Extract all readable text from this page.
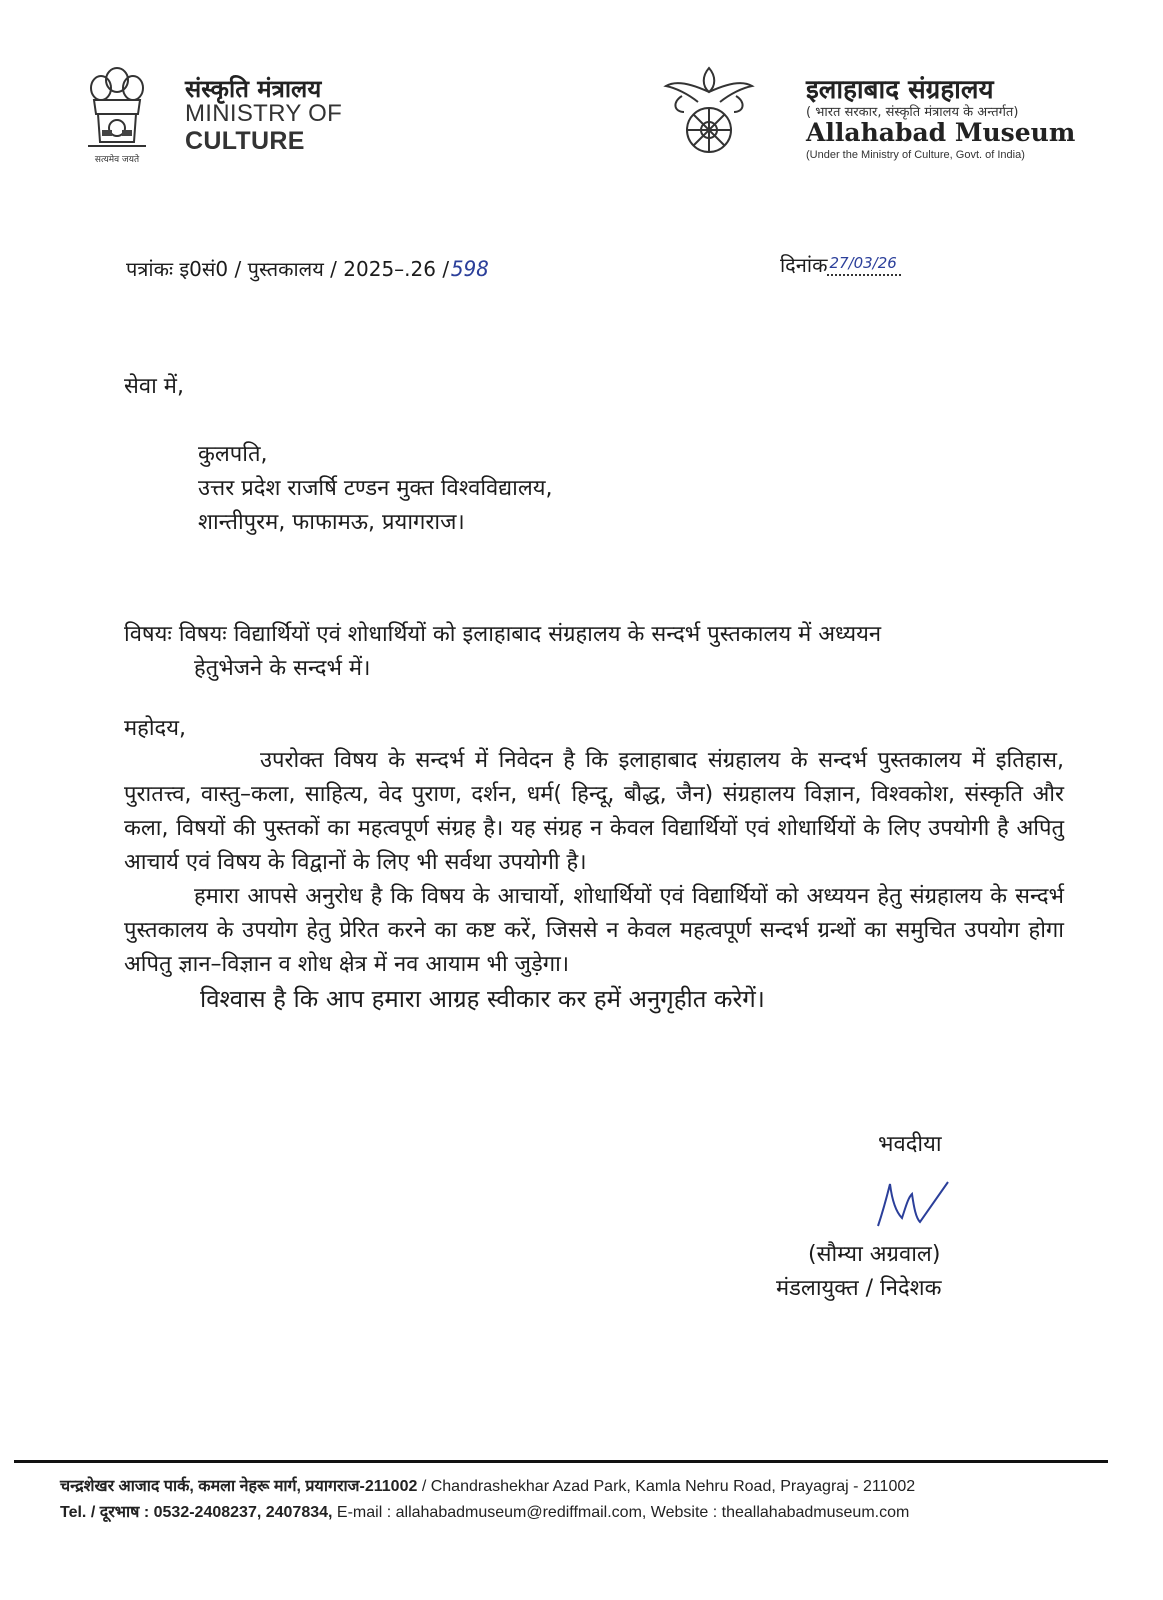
सत्यमेव जयते
संस्कृति मंत्रालय
MINISTRY OF
CULTURE
इलाहाबाद संग्रहालय
( भारत सरकार, संस्कृति मंत्रालय के अन्तर्गत)
Allahabad Museum
(Under the Ministry of Culture, Govt. of India)
पत्रांकः इ0सं0 / पुस्तकालय / 2025–.26 /598	दिनांक 27/03/26
सेवा में,
कुलपति,
उत्तर प्रदेश राजर्षि टण्डन मुक्त विश्वविद्यालय,
शान्तीपुरम, फाफामऊ, प्रयागराज।
विषयः विषयः विद्यार्थियों एवं शोधार्थियों को इलाहाबाद संग्रहालय के सन्दर्भ पुस्तकालय में अध्ययन
हेतुभेजने के सन्दर्भ में।
महोदय,

उपरोक्त विषय के सन्दर्भ में निवेदन है कि इलाहाबाद संग्रहालय के सन्दर्भ पुस्तकालय में इतिहास, पुरातत्त्व, वास्तु–कला, साहित्य, वेद पुराण, दर्शन, धर्म( हिन्दू, बौद्ध, जैन) संग्रहालय विज्ञान, विश्वकोश, संस्कृति और कला, विषयों की पुस्तकों का महत्वपूर्ण संग्रह है। यह संग्रह न केवल विद्यार्थियों एवं शोधार्थियों के लिए उपयोगी है अपितु आचार्य एवं विषय के विद्वानों के लिए भी सर्वथा उपयोगी है।

हमारा आपसे अनुरोध है कि विषय के आचार्यो, शोधार्थियों एवं विद्यार्थियों को अध्ययन हेतु संग्रहालय के सन्दर्भ पुस्तकालय के उपयोग हेतु प्रेरित करने का कष्ट करें, जिससे न केवल महत्वपूर्ण सन्दर्भ ग्रन्थों का समुचित उपयोग होगा अपितु ज्ञान–विज्ञान व शोध क्षेत्र में नव आयाम भी जुड़ेगा।

विश्वास है कि आप हमारा आग्रह स्वीकार कर हमें अनुगृहीत करेगें।

भवदीया
(सौम्या अग्रवाल)
मंडलायुक्त / निदेशक
चन्द्रशेखर आजाद पार्क, कमला नेहरू मार्ग, प्रयागराज-211002 / Chandrashekhar Azad Park, Kamla Nehru Road, Prayagraj - 211002
Tel. / दूरभाष : 0532-2408237, 2407834, E-mail : allahabadmuseum@rediffmail.com, Website : theallahabadmuseum.com
